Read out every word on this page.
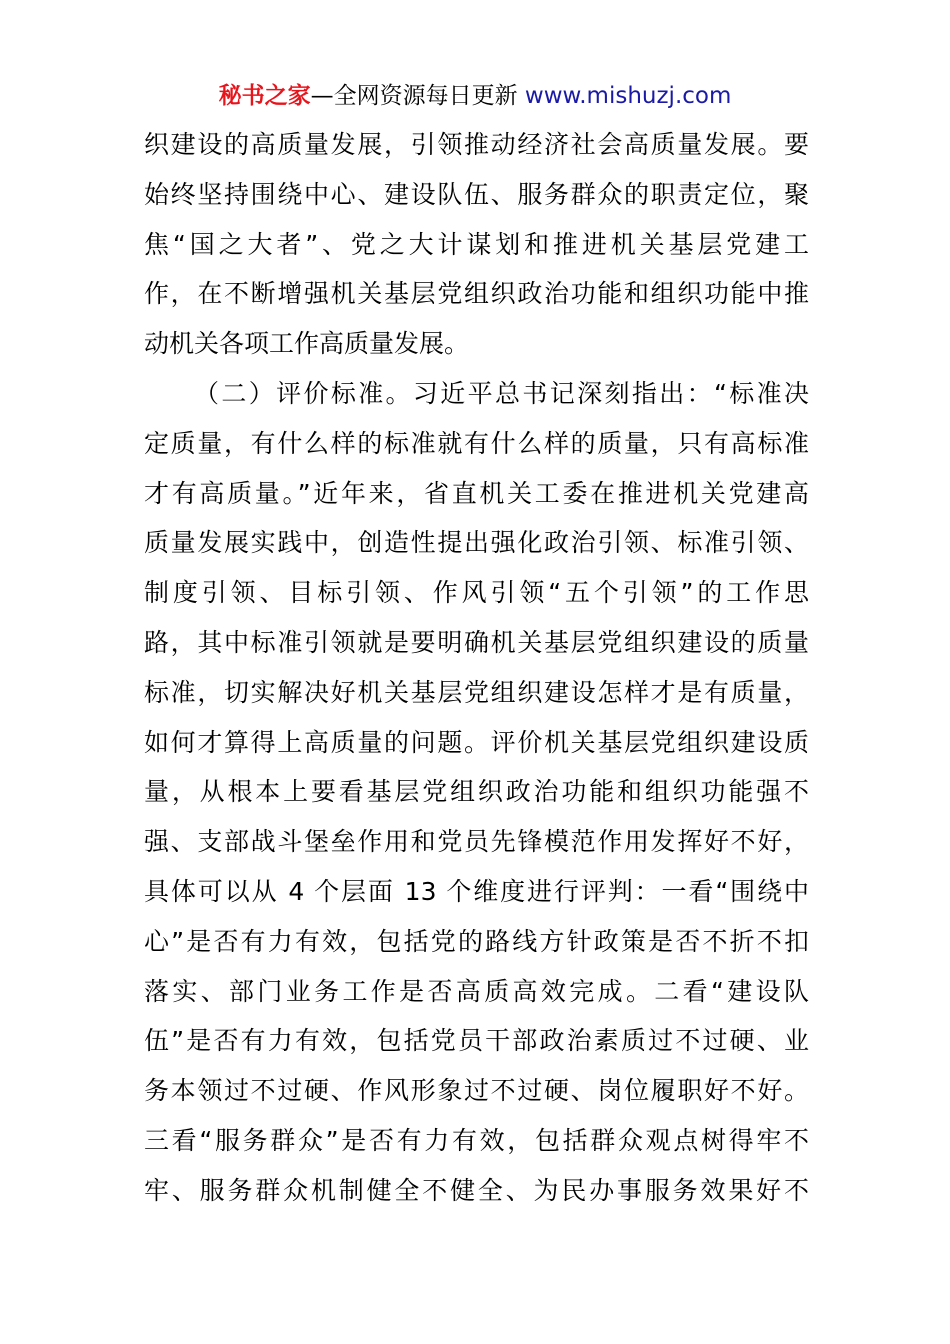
秘书之家—全网资源每日更新 www.mishuzj.com
织建设的高质量发展，引领推动经济社会高质量发展。要
始终坚持围绕中心、建设队伍、服务群众的职责定位，聚
焦“国之大者”、党之大计谋划和推进机关基层党建工
作，在不断增强机关基层党组织政治功能和组织功能中推
动机关各项工作高质量发展。
（二）评价标准。习近平总书记深刻指出：“标准决
定质量，有什么样的标准就有什么样的质量，只有高标准
才有高质量。”近年来，省直机关工委在推进机关党建高
质量发展实践中，创造性提出强化政治引领、标准引领、
制度引领、目标引领、作风引领“五个引领”的工作思
路，其中标准引领就是要明确机关基层党组织建设的质量
标准，切实解决好机关基层党组织建设怎样才是有质量，
如何才算得上高质量的问题。评价机关基层党组织建设质
量，从根本上要看基层党组织政治功能和组织功能强不
强、支部战斗堡垒作用和党员先锋模范作用发挥好不好，
具体可以从 4 个层面 13 个维度进行评判：一看“围绕中
心”是否有力有效，包括党的路线方针政策是否不折不扣
落实、部门业务工作是否高质高效完成。二看“建设队
伍”是否有力有效，包括党员干部政治素质过不过硬、业
务本领过不过硬、作风形象过不过硬、岗位履职好不好。
三看“服务群众”是否有力有效，包括群众观点树得牢不
牢、服务群众机制健全不健全、为民办事服务效果好不
